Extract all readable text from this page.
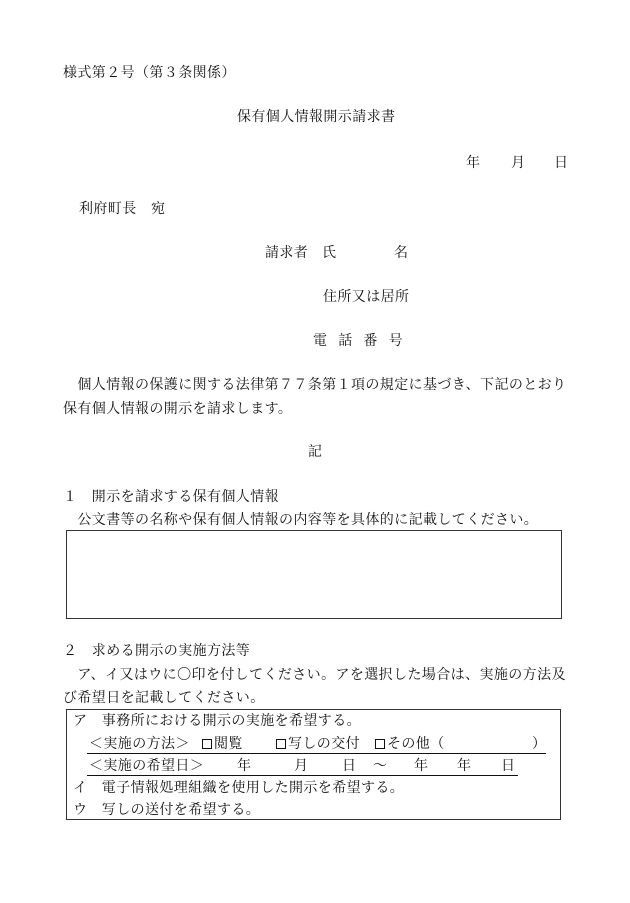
様式第２号（第３条関係）
保有個人情報開示請求書
年 月 日
利府町長　宛
請求者 氏　　　　名
住所又は居所
電　話　番　号
　個人情報の保護に関する法律第７７条第１項の規定に基づき、下記のとおり
保有個人情報の開示を請求します。
記
１　開示を請求する保有個人情報
　公文書等の名称や保有個人情報の内容等を具体的に記載してください。
２　求める開示の実施方法等
　ア、イ又はウに〇印を付してください。アを選択した場合は、実施の方法及
び希望日を記載してください。
ア　事務所における開示の実施を希望する。
＜実施の方法＞ 閲覧	写しの交付 その他（	）
＜実施の希望日＞ 年	月 日 ～ 年 年 日
イ　電子情報処理組織を使用した開示を希望する。
ウ　写しの送付を希望する。
